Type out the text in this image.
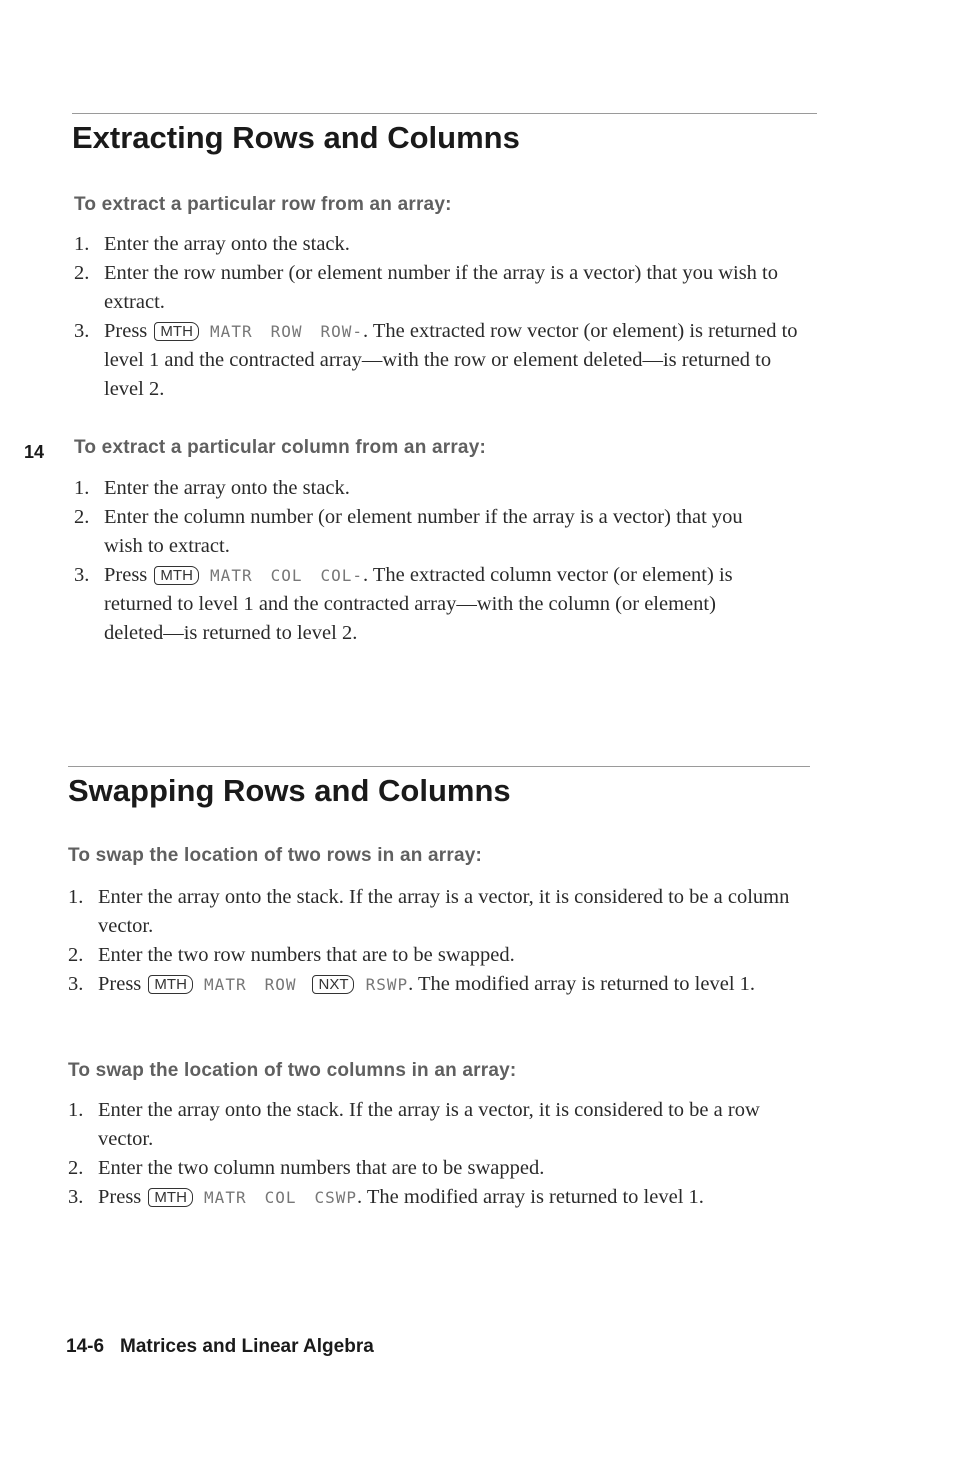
Extracting Rows and Columns
To extract a particular row from an array:
1. Enter the array onto the stack.
2. Enter the row number (or element number if the array is a vector) that you wish to extract.
3. Press MTH MATR ROW ROW-. The extracted row vector (or element) is returned to level 1 and the contracted array—with the row or element deleted—is returned to level 2.
14 To extract a particular column from an array:
1. Enter the array onto the stack.
2. Enter the column number (or element number if the array is a vector) that you wish to extract.
3. Press MTH MATR COL COL-. The extracted column vector (or element) is returned to level 1 and the contracted array—with the column (or element) deleted—is returned to level 2.
Swapping Rows and Columns
To swap the location of two rows in an array:
1. Enter the array onto the stack. If the array is a vector, it is considered to be a column vector.
2. Enter the two row numbers that are to be swapped.
3. Press MTH MATR ROW NXT RSWP. The modified array is returned to level 1.
To swap the location of two columns in an array:
1. Enter the array onto the stack. If the array is a vector, it is considered to be a row vector.
2. Enter the two column numbers that are to be swapped.
3. Press MTH MATR COL CSWP. The modified array is returned to level 1.
14-6 Matrices and Linear Algebra
